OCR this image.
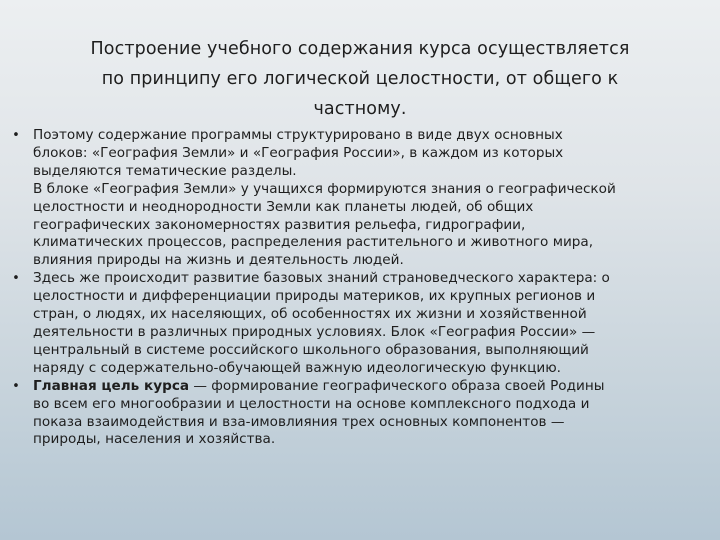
Построение учебного содержания курса осуществляется
по принципу его логической целостности, от общего к
частному.
• Поэтому содержание программы структурировано в виде двух основных
блоков: «География Земли» и «География России», в каждом из которых
выделяются тематические разделы.
В блоке «География Земли» у учащихся формируются знания о географической
целостности и неоднородности Земли как планеты людей, об общих
географических закономерностях развития рельефа, гидрографии,
климатических процессов, распределения растительного и животного мира,
влияния природы на жизнь и деятельность людей.
• Здесь же происходит развитие базовых знаний страноведческого характера: о
целостности и дифференциации природы материков, их крупных регионов и
стран, о людях, их населяющих, об особенностях их жизни и хозяйственной
деятельности в различных природных условиях. Блок «География России» —
центральный в системе российского школьного образования, выполняющий
наряду с содержательно-обучающей важную идеологическую функцию.
• Главная цель курса — формирование географического образа своей Родины
во всем его многообразии и целостности на основе комплексного подхода и
показа взаимодействия и вза-имовлияния трех основных компонентов —
природы, населения и хозяйства.
